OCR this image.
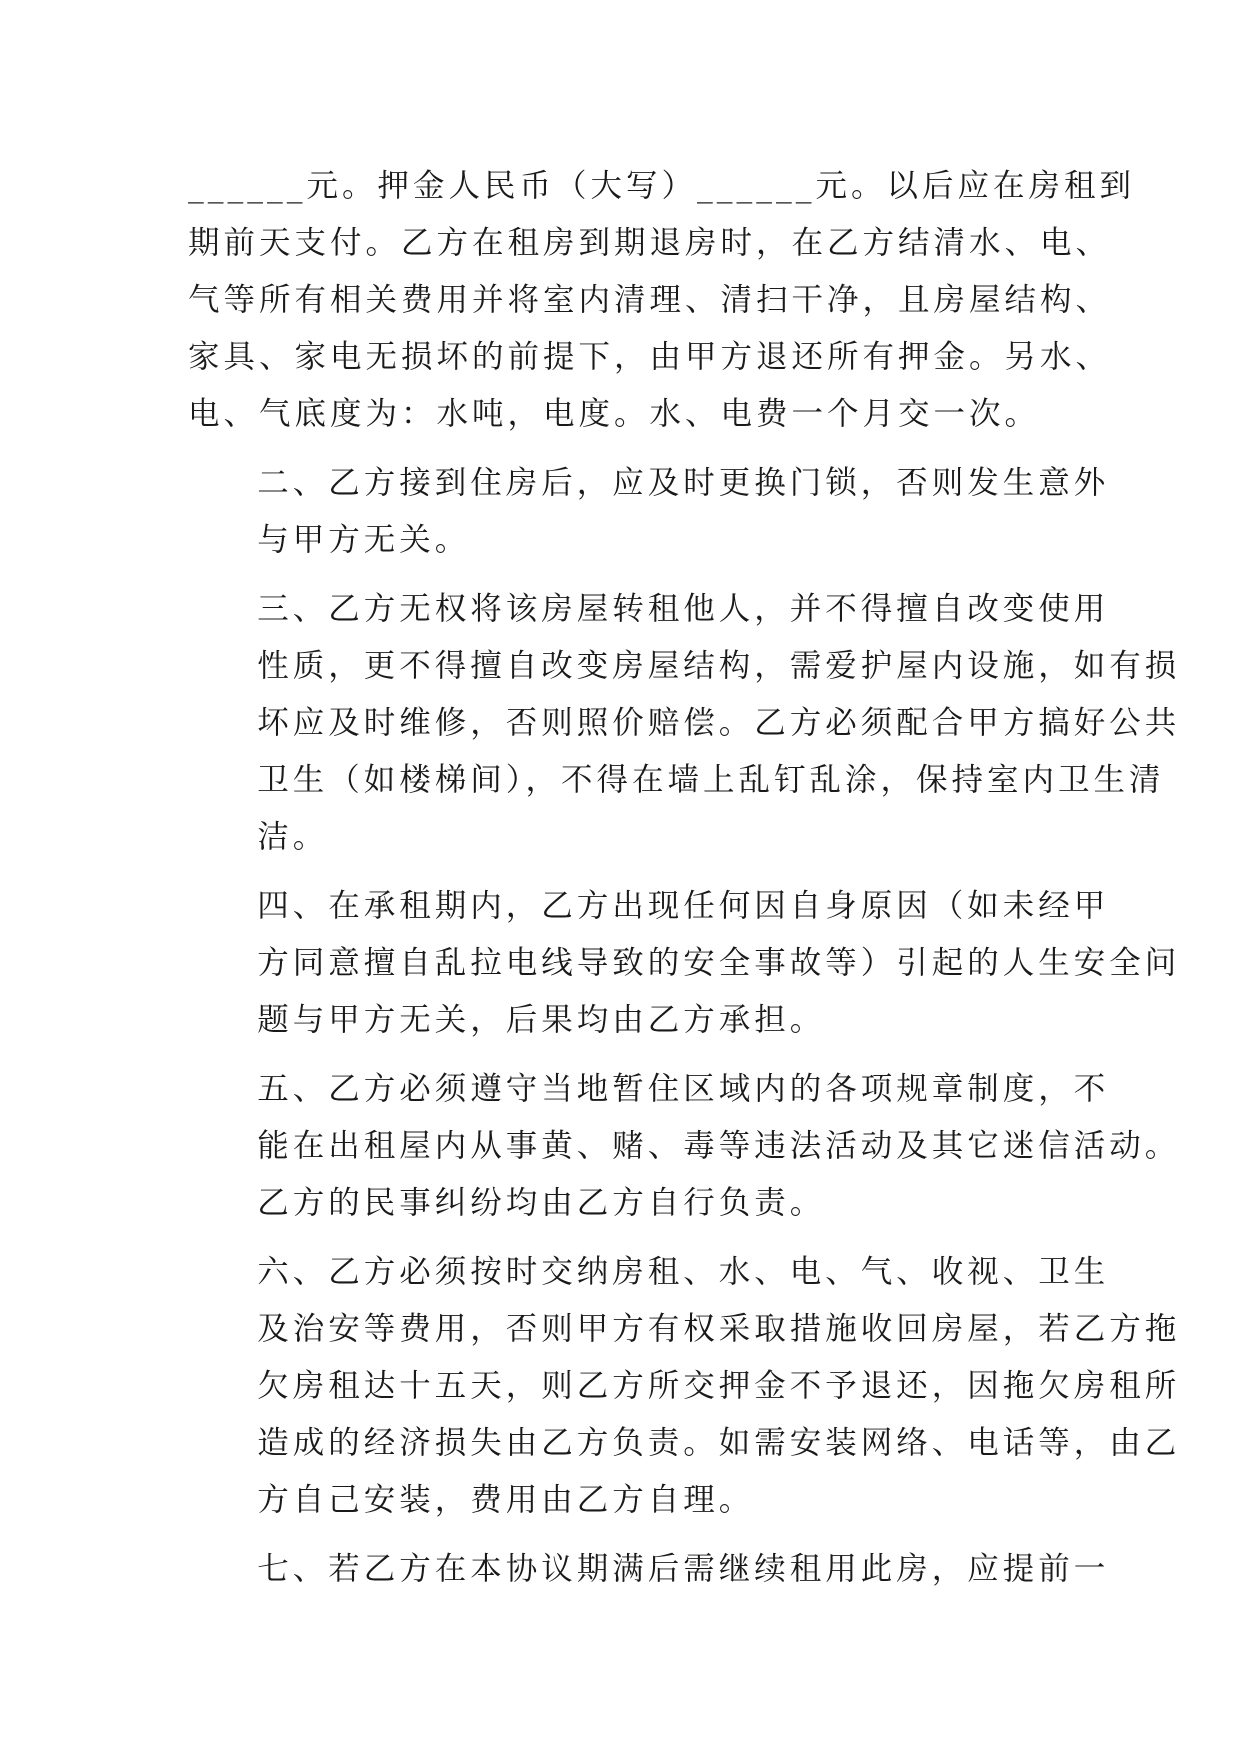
______元。押金人民币（大写）______元。以后应在房租到
期前天支付。乙方在租房到期退房时，在乙方结清水、电、
气等所有相关费用并将室内清理、清扫干净，且房屋结构、
家具、家电无损坏的前提下，由甲方退还所有押金。另水、
电、气底度为：水吨，电度。水、电费一个月交一次。

二、乙方接到住房后，应及时更换门锁，否则发生意外
与甲方无关。

三、乙方无权将该房屋转租他人，并不得擅自改变使用
性质，更不得擅自改变房屋结构，需爱护屋内设施，如有损
坏应及时维修，否则照价赔偿。乙方必须配合甲方搞好公共
卫生（如楼梯间），不得在墙上乱钉乱涂，保持室内卫生清
洁。

四、在承租期内，乙方出现任何因自身原因（如未经甲
方同意擅自乱拉电线导致的安全事故等）引起的人生安全问
题与甲方无关，后果均由乙方承担。

五、乙方必须遵守当地暂住区域内的各项规章制度，不
能在出租屋内从事黄、赌、毒等违法活动及其它迷信活动。
乙方的民事纠纷均由乙方自行负责。

六、乙方必须按时交纳房租、水、电、气、收视、卫生
及治安等费用，否则甲方有权采取措施收回房屋，若乙方拖
欠房租达十五天，则乙方所交押金不予退还，因拖欠房租所
造成的经济损失由乙方负责。如需安装网络、电话等，由乙
方自己安装，费用由乙方自理。

七、若乙方在本协议期满后需继续租用此房，应提前一
